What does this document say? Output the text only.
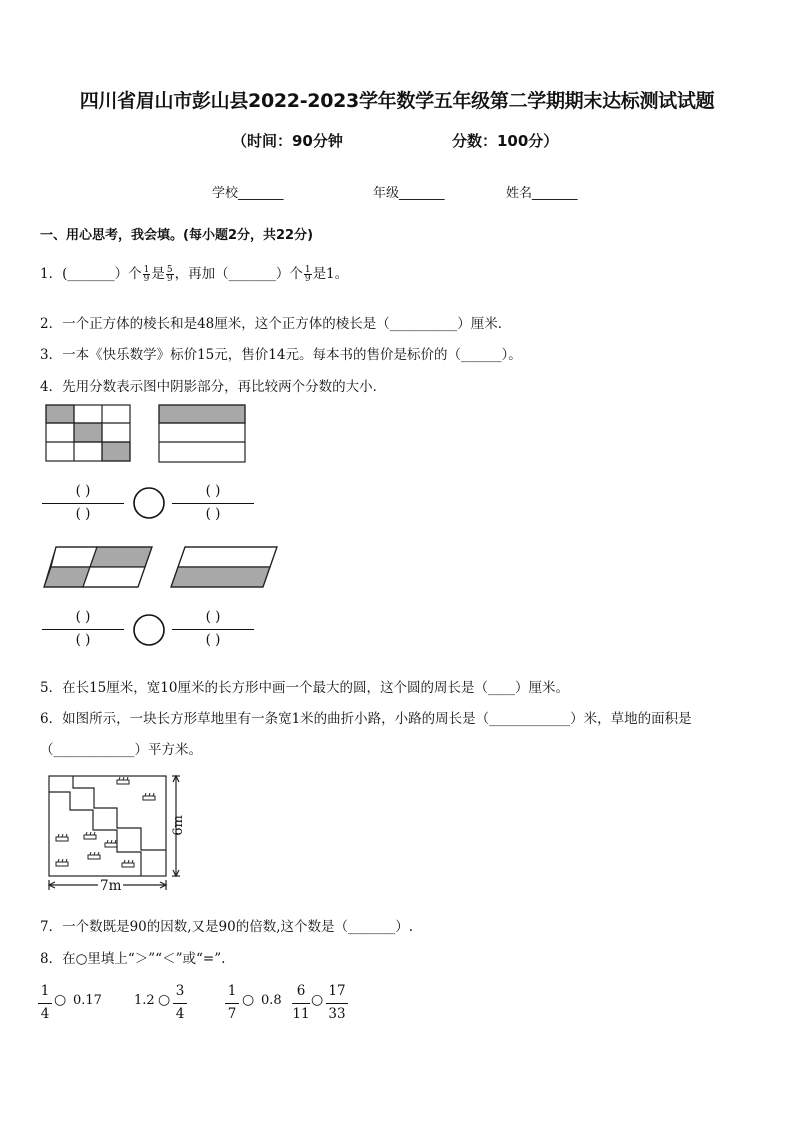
四川省眉山市彭山县2022-2023学年数学五年级第二学期期末达标测试试题
（时间：90分钟	分数：100分）
学校_______	年级_______	姓名_______
一、用心思考，我会填。(每小题2分，共22分)
1．(_______）个 $\frac{1}{9}$ 是 $\frac{5}{9}$ ，再加（_______）个 $\frac{1}{9}$ 是1。
2．一个正方体的棱长和是48厘米，这个正方体的棱长是（__________）厘米．
3．一本《快乐数学》标价15元，售价14元。每本书的售价是标价的（______）。
4．先用分数表示图中阴影部分，再比较两个分数的大小．
( )
( )
( )
( )
( )
( )
( )
( )
5．在长15厘米，宽10厘米的长方形中画一个最大的圆，这个圆的周长是（____）厘米。
6．如图所示，一块长方形草地里有一条宽1米的曲折小路，小路的周长是（____________）米，草地的面积是
（____________）平方米。
6m
7m
7．一个数既是90的因数,又是90的倍数,这个数是（_______）.
8．在○里填上“＞”“＜”或“=”.
1
4
○ 0.17 1.2 ○
3
4
1
7
○ 0.8
6
11
○
17
33
